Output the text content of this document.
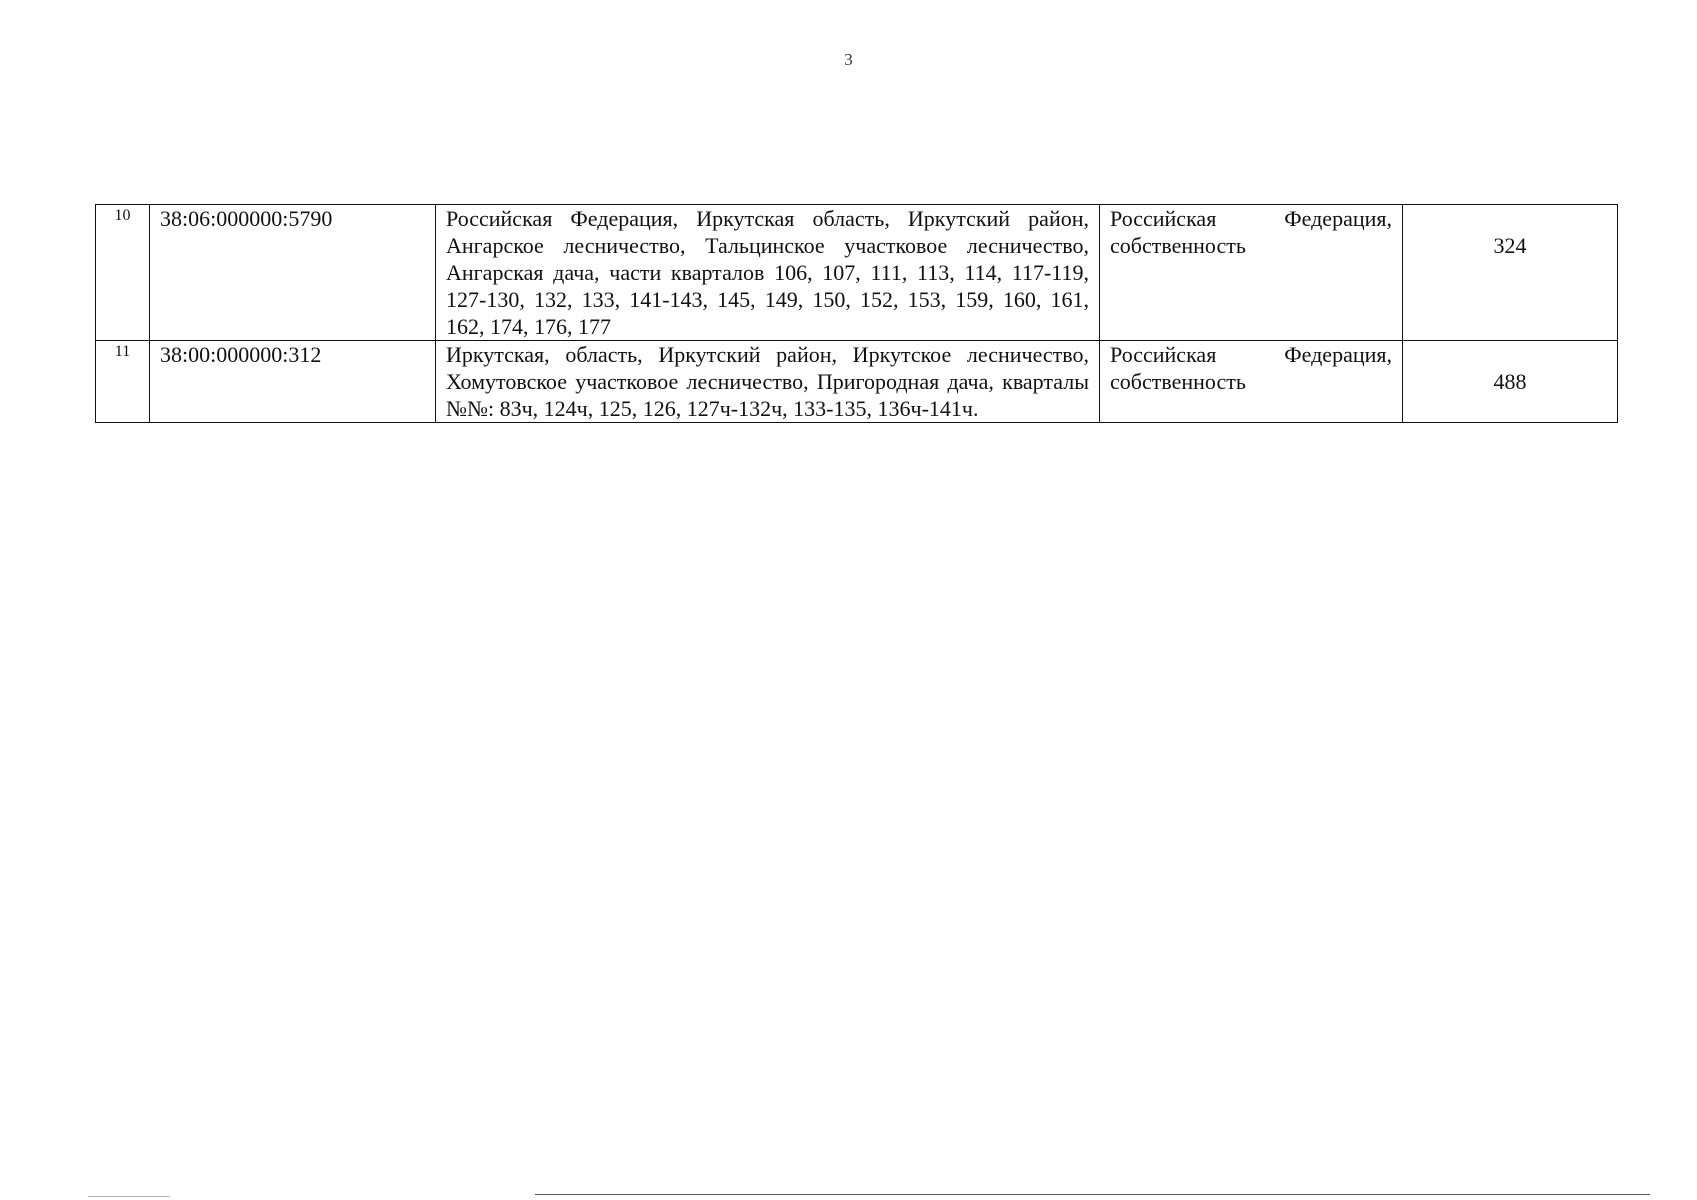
3
10	38:06:000000:5790	Российская Федерация, Иркутская область, Иркутский район, Ангарское лесничество, Тальцинское участковое лесничество, Ангарская дача, части кварталов 106, 107, 111, 113, 114, 117-119, 127-130, 132, 133, 141-143, 145, 149, 150, 152, 153, 159, 160, 161, 162, 174, 176, 177	Российская Федерация, собственность	324
11	38:00:000000:312	Иркутская, область, Иркутский район, Иркутское лесничество, Хомутовское участковое лесничество, Пригородная дача, кварталы №№: 83ч, 124ч, 125, 126, 127ч-132ч, 133-135, 136ч-141ч.	Российская Федерация, собственность	488
